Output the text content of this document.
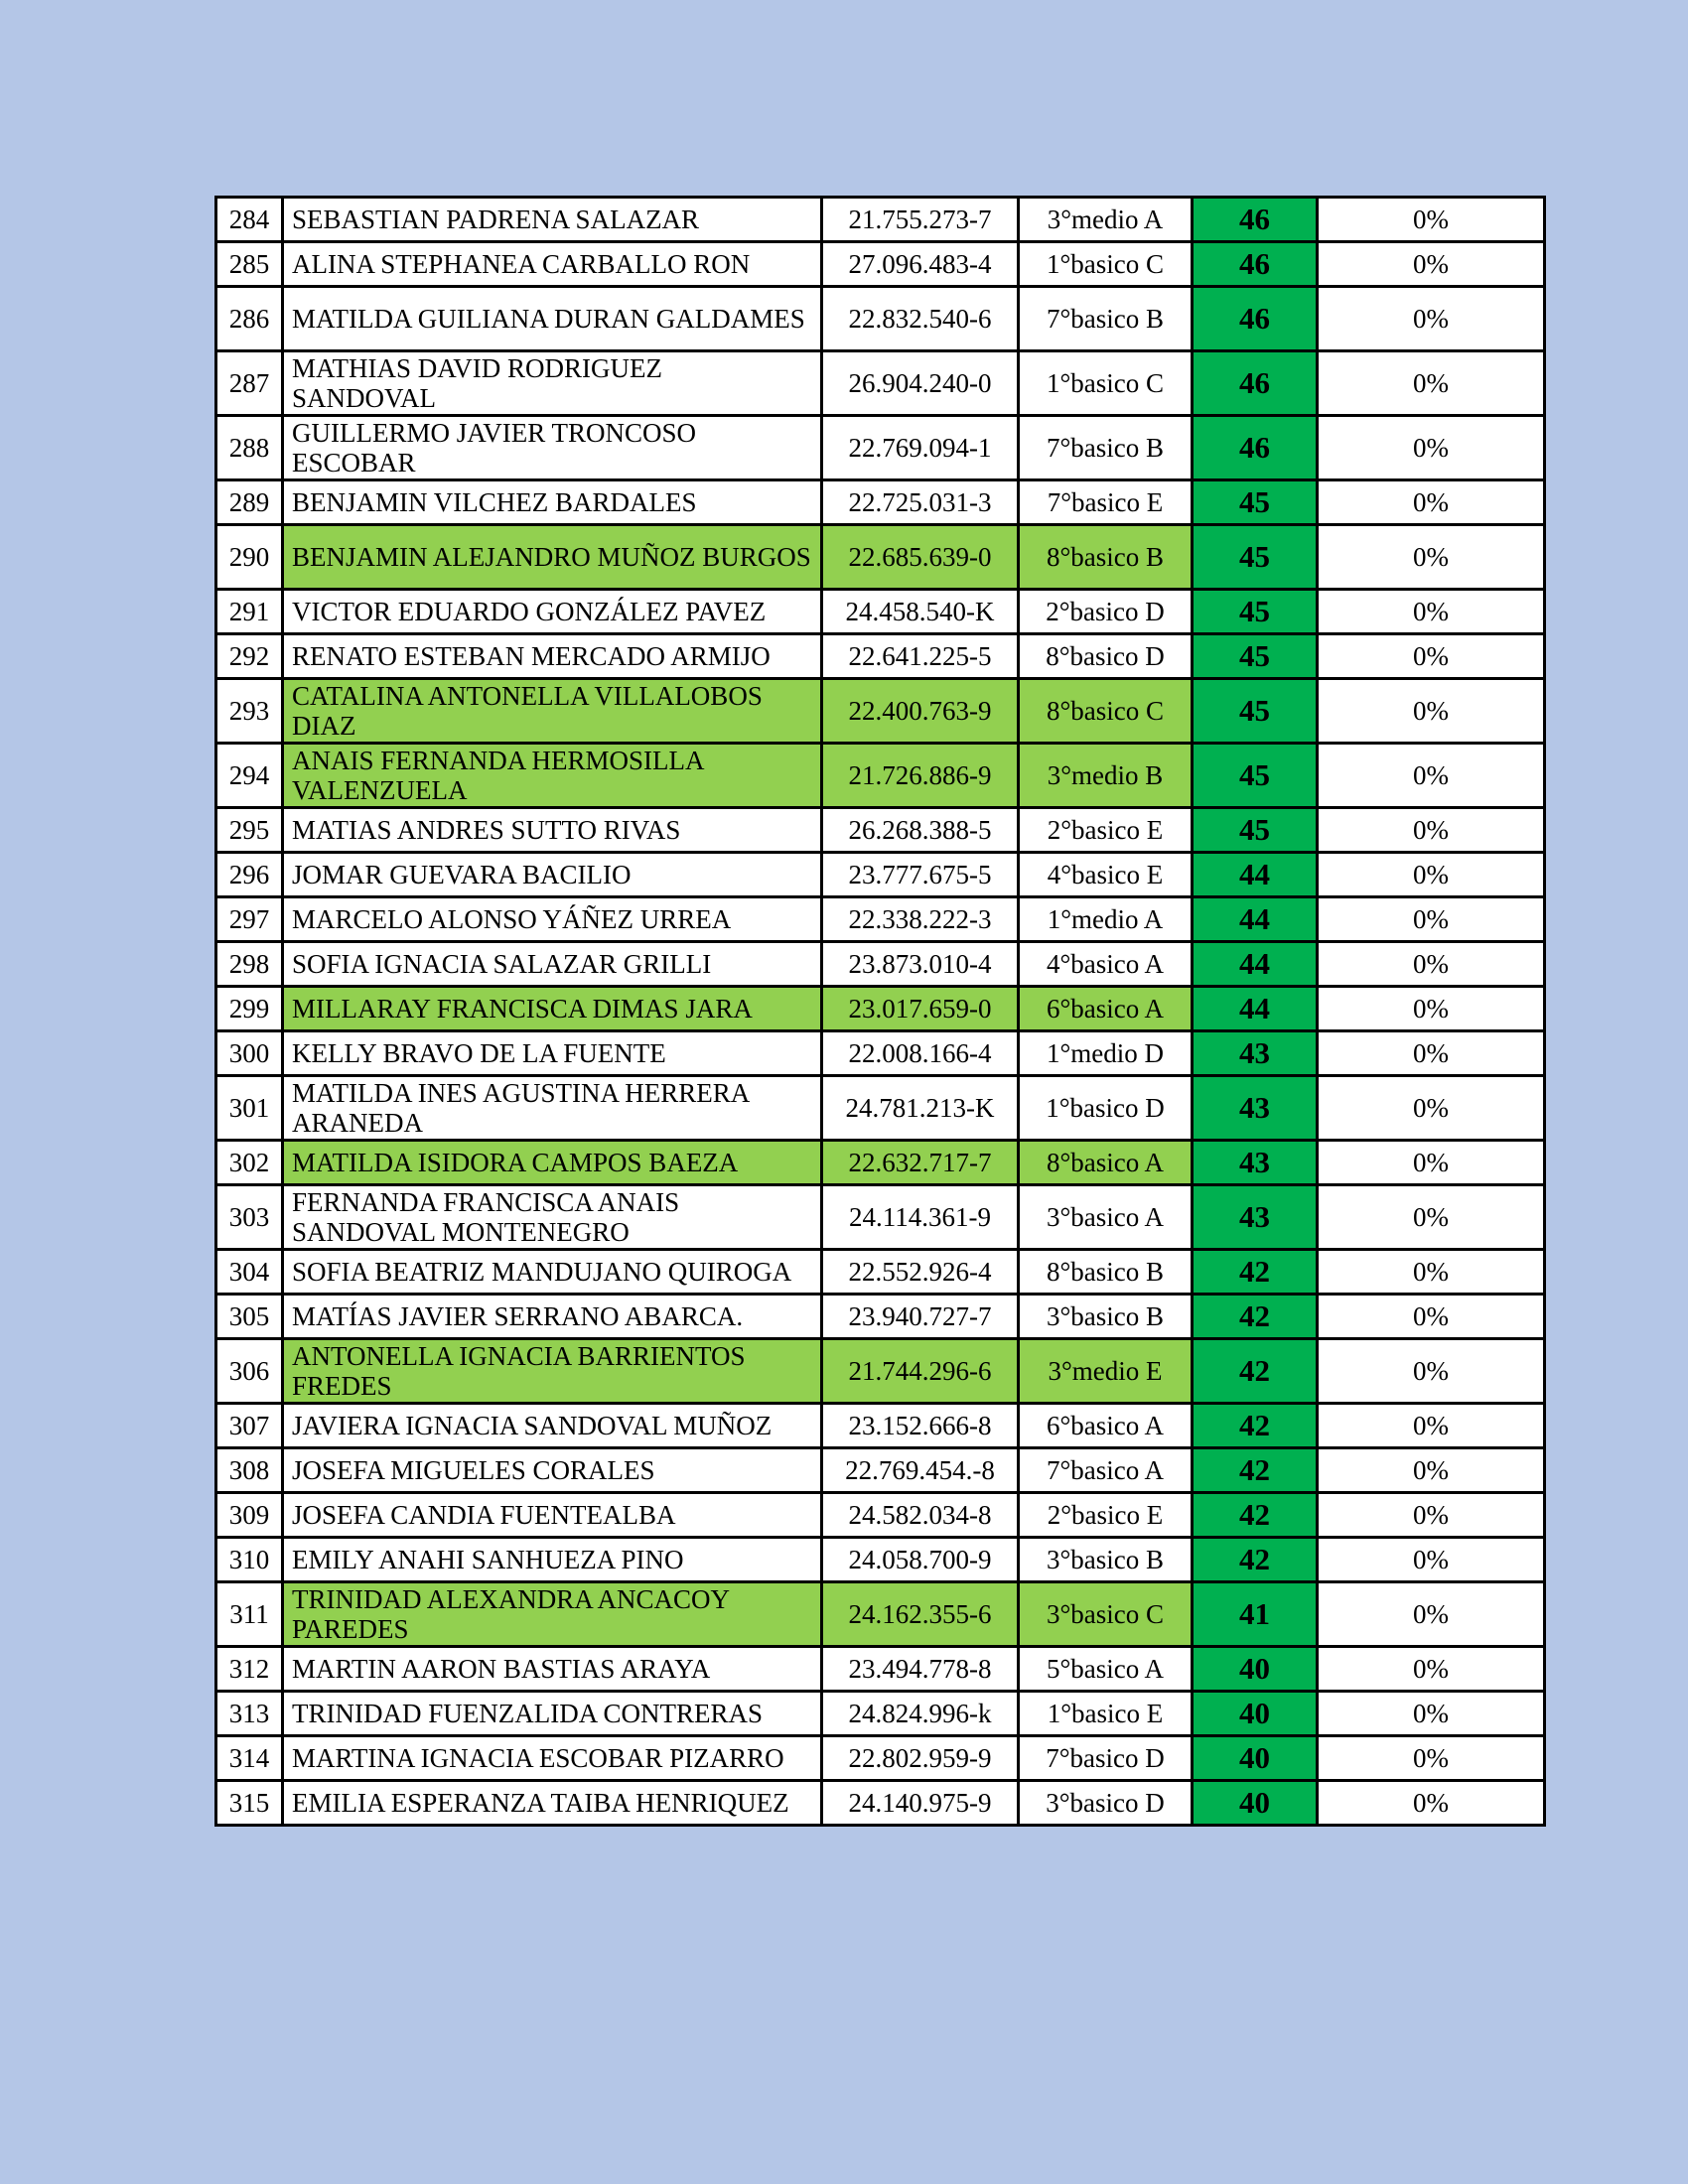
284	SEBASTIAN PADRENA SALAZAR	21.755.273-7	3°medio A	46	0%
285	ALINA STEPHANEA CARBALLO RON	27.096.483-4	1°basico C	46	0%
286	MATILDA GUILIANA DURAN GALDAMES	22.832.540-6	7°basico B	46	0%
287	MATHIAS DAVID RODRIGUEZ SANDOVAL	26.904.240-0	1°basico C	46	0%
288	GUILLERMO JAVIER TRONCOSO ESCOBAR	22.769.094-1	7°basico B	46	0%
289	BENJAMIN VILCHEZ BARDALES	22.725.031-3	7°basico E	45	0%
290	BENJAMIN ALEJANDRO MUÑOZ BURGOS	22.685.639-0	8°basico B	45	0%
291	VICTOR EDUARDO GONZÁLEZ PAVEZ	24.458.540-K	2°basico D	45	0%
292	RENATO ESTEBAN MERCADO ARMIJO	22.641.225-5	8°basico D	45	0%
293	CATALINA ANTONELLA VILLALOBOS DIAZ	22.400.763-9	8°basico C	45	0%
294	ANAIS FERNANDA HERMOSILLA VALENZUELA	21.726.886-9	3°medio B	45	0%
295	MATIAS ANDRES SUTTO RIVAS	26.268.388-5	2°basico E	45	0%
296	JOMAR GUEVARA BACILIO	23.777.675-5	4°basico E	44	0%
297	MARCELO ALONSO YÁÑEZ URREA	22.338.222-3	1°medio A	44	0%
298	SOFIA IGNACIA SALAZAR GRILLI	23.873.010-4	4°basico A	44	0%
299	MILLARAY FRANCISCA DIMAS JARA	23.017.659-0	6°basico A	44	0%
300	KELLY BRAVO DE LA FUENTE	22.008.166-4	1°medio D	43	0%
301	MATILDA INES AGUSTINA HERRERA ARANEDA	24.781.213-K	1°basico D	43	0%
302	MATILDA ISIDORA CAMPOS BAEZA	22.632.717-7	8°basico A	43	0%
303	FERNANDA FRANCISCA ANAIS SANDOVAL MONTENEGRO	24.114.361-9	3°basico A	43	0%
304	SOFIA BEATRIZ MANDUJANO QUIROGA	22.552.926-4	8°basico B	42	0%
305	MATÍAS JAVIER SERRANO ABARCA.	23.940.727-7	3°basico B	42	0%
306	ANTONELLA IGNACIA BARRIENTOS FREDES	21.744.296-6	3°medio E	42	0%
307	JAVIERA IGNACIA SANDOVAL MUÑOZ	23.152.666-8	6°basico A	42	0%
308	JOSEFA MIGUELES CORALES	22.769.454.-8	7°basico A	42	0%
309	JOSEFA CANDIA FUENTEALBA	24.582.034-8	2°basico E	42	0%
310	EMILY ANAHI SANHUEZA PINO	24.058.700-9	3°basico B	42	0%
311	TRINIDAD ALEXANDRA ANCACOY PAREDES	24.162.355-6	3°basico C	41	0%
312	MARTIN AARON BASTIAS ARAYA	23.494.778-8	5°basico A	40	0%
313	TRINIDAD FUENZALIDA CONTRERAS	24.824.996-k	1°basico E	40	0%
314	MARTINA IGNACIA ESCOBAR PIZARRO	22.802.959-9	7°basico D	40	0%
315	EMILIA ESPERANZA TAIBA HENRIQUEZ	24.140.975-9	3°basico D	40	0%
